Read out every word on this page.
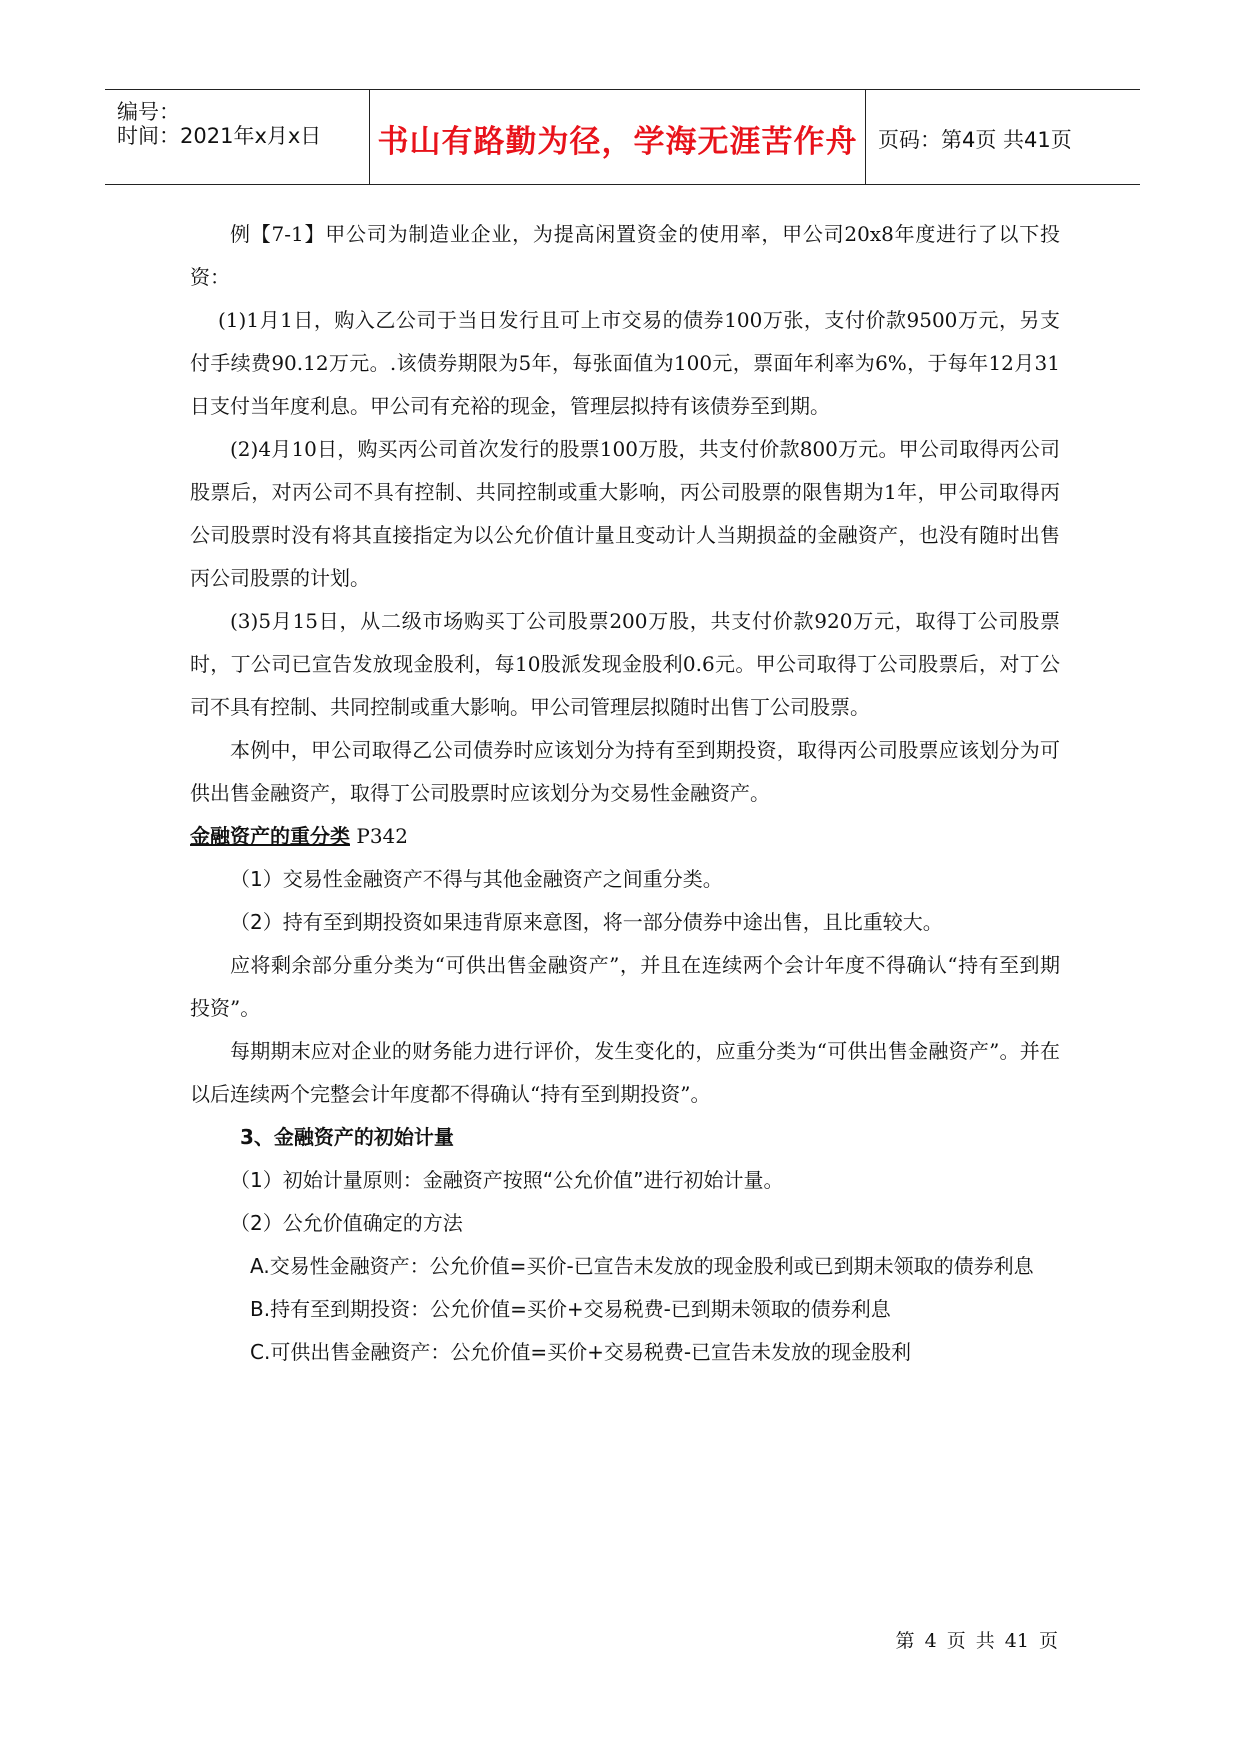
编号：
时间：2021年x月x日 书山有路勤为径，学海无涯苦作舟 页码：第4页 共41页

例【7-1】甲公司为制造业企业，为提高闲置资金的使用率，甲公司20x8年度进行了以下投资：

(1)1月1日，购入乙公司于当日发行且可上市交易的债券100万张，支付价款9500万元，另支付手续费90.12万元。.该债券期限为5年，每张面值为100元，票面年利率为6%，于每年12月31日支付当年度利息。甲公司有充裕的现金，管理层拟持有该债券至到期。

(2)4月10日，购买丙公司首次发行的股票100万股，共支付价款800万元。甲公司取得丙公司股票后，对丙公司不具有控制、共同控制或重大影响，丙公司股票的限售期为1年，甲公司取得丙公司股票时没有将其直接指定为以公允价值计量且变动计人当期损益的金融资产，也没有随时出售丙公司股票的计划。

(3)5月15日，从二级市场购买丁公司股票200万股，共支付价款920万元，取得丁公司股票时，丁公司已宣告发放现金股利，每10股派发现金股利0.6元。甲公司取得丁公司股票后，对丁公司不具有控制、共同控制或重大影响。甲公司管理层拟随时出售丁公司股票。

本例中，甲公司取得乙公司债券时应该划分为持有至到期投资，取得丙公司股票应该划分为可供出售金融资产，取得丁公司股票时应该划分为交易性金融资产。

金融资产的重分类 P342

（1）交易性金融资产不得与其他金融资产之间重分类。

（2）持有至到期投资如果违背原来意图，将一部分债券中途出售，且比重较大。

应将剩余部分重分类为“可供出售金融资产”，并且在连续两个会计年度不得确认“持有至到期投资”。

每期期末应对企业的财务能力进行评价，发生变化的，应重分类为“可供出售金融资产”。并在以后连续两个完整会计年度都不得确认“持有至到期投资”。

3、金融资产的初始计量

（1）初始计量原则：金融资产按照“公允价值”进行初始计量。

（2）公允价值确定的方法

A.交易性金融资产：公允价值=买价-已宣告未发放的现金股利或已到期未领取的债券利息

B.持有至到期投资：公允价值=买价+交易税费-已到期未领取的债券利息

C.可供出售金融资产：公允价值=买价+交易税费-已宣告未发放的现金股利

第 4 页 共 41 页
